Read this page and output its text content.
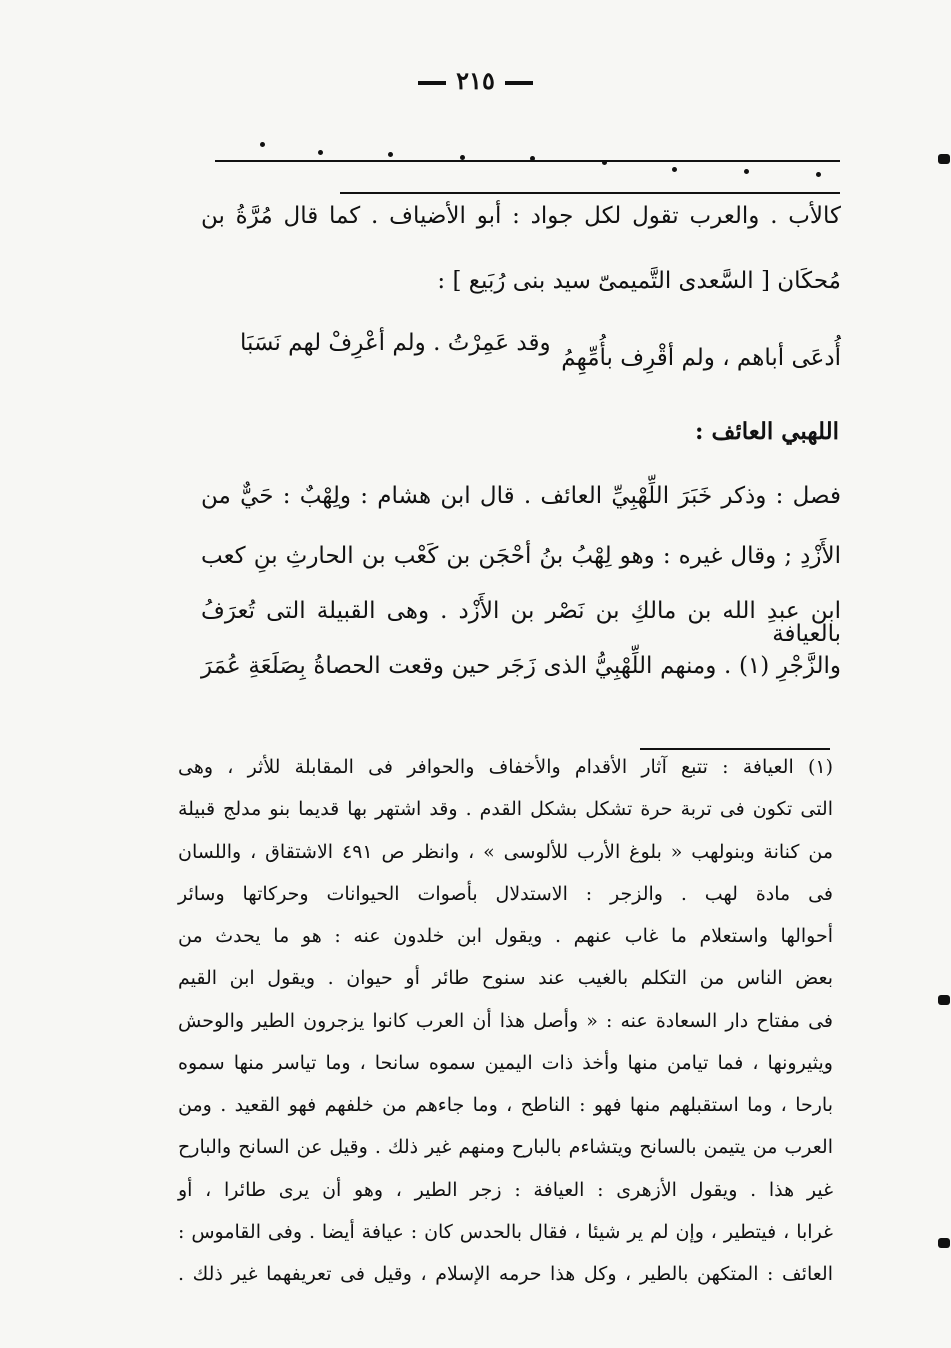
٢١٥
كالأب . والعرب تقول لكل جواد : أبو الأضياف . كما قال مُرَّةُ بن
مُحكَان [ السَّعدى التَّميمىّ سيد بنى رُبَيع ] :
أُدعَى أباهم ، ولم أقْرِف بأُمِّهِمُ
وقد عَمِرْتُ . ولم أعْرِفْ لهم نَسَبَا
اللهبي العائف :
فصل : وذكر خَبَرَ اللِّهْبِيِّ العائف . قال ابن هشام : ولِهْبٌ : حَيٌّ من
الأَزْدِ ; وقال غيره : وهو لِهْبُ بنُ أحْجَن بن كَعْب بن الحارثِ بنِ كعب
ابن عبدِ الله بن مالكِ بن نَصْر بن الأَزْد . وهى القبيلة التى تُعرَفُ بالعيافة
والزَّجْرِ (١) . ومنهم اللِّهْبِيُّ الذى زَجَر حين وقعت الحصاةُ بِصَلَعَةِ عُمَرَ
(١) العيافة : تتبع آثار الأقدام والأخفاف والحوافر فى المقابلة للأثر ، وهى
التى تكون فى تربة حرة تشكل بشكل القدم . وقد اشتهر بها قديما بنو مدلج قبيلة
من كنانة وبنولهب « بلوغ الأرب للألوسى » ، وانظر ص ٤٩١ الاشتقاق ، واللسان
فى مادة لهب . والزجر : الاستدلال بأصوات الحيوانات وحركاتها وسائر
أحوالها واستعلام ما غاب عنهم . ويقول ابن خلدون عنه : هو ما يحدث من
بعض الناس من التكلم بالغيب عند سنوح طائر أو حيوان . ويقول ابن القيم
فى مفتاح دار السعادة عنه : « وأصل هذا أن العرب كانوا يزجرون الطير والوحش
ويثيرونها ، فما تيامن منها وأخذ ذات اليمين سموه سانحا ، وما تياسر منها سموه
بارحا ، وما استقبلهم منها فهو : الناطح ، وما جاءهم من خلفهم فهو القعيد . ومن
العرب من يتيمن بالسانح ويتشاءم بالبارح ومنهم غير ذلك . وقيل عن السانح والبارح
غير هذا . ويقول الأزهرى : العيافة : زجر الطير ، وهو أن يرى طائرا ، أو
غرابا ، فيتطير ، وإن لم ير شيئا ، فقال بالحدس كان : عيافة أيضا . وفى القاموس :
العائف : المتكهن بالطير ، وكل هذا حرمه الإسلام ، وقيل فى تعريفهما غير ذلك .
